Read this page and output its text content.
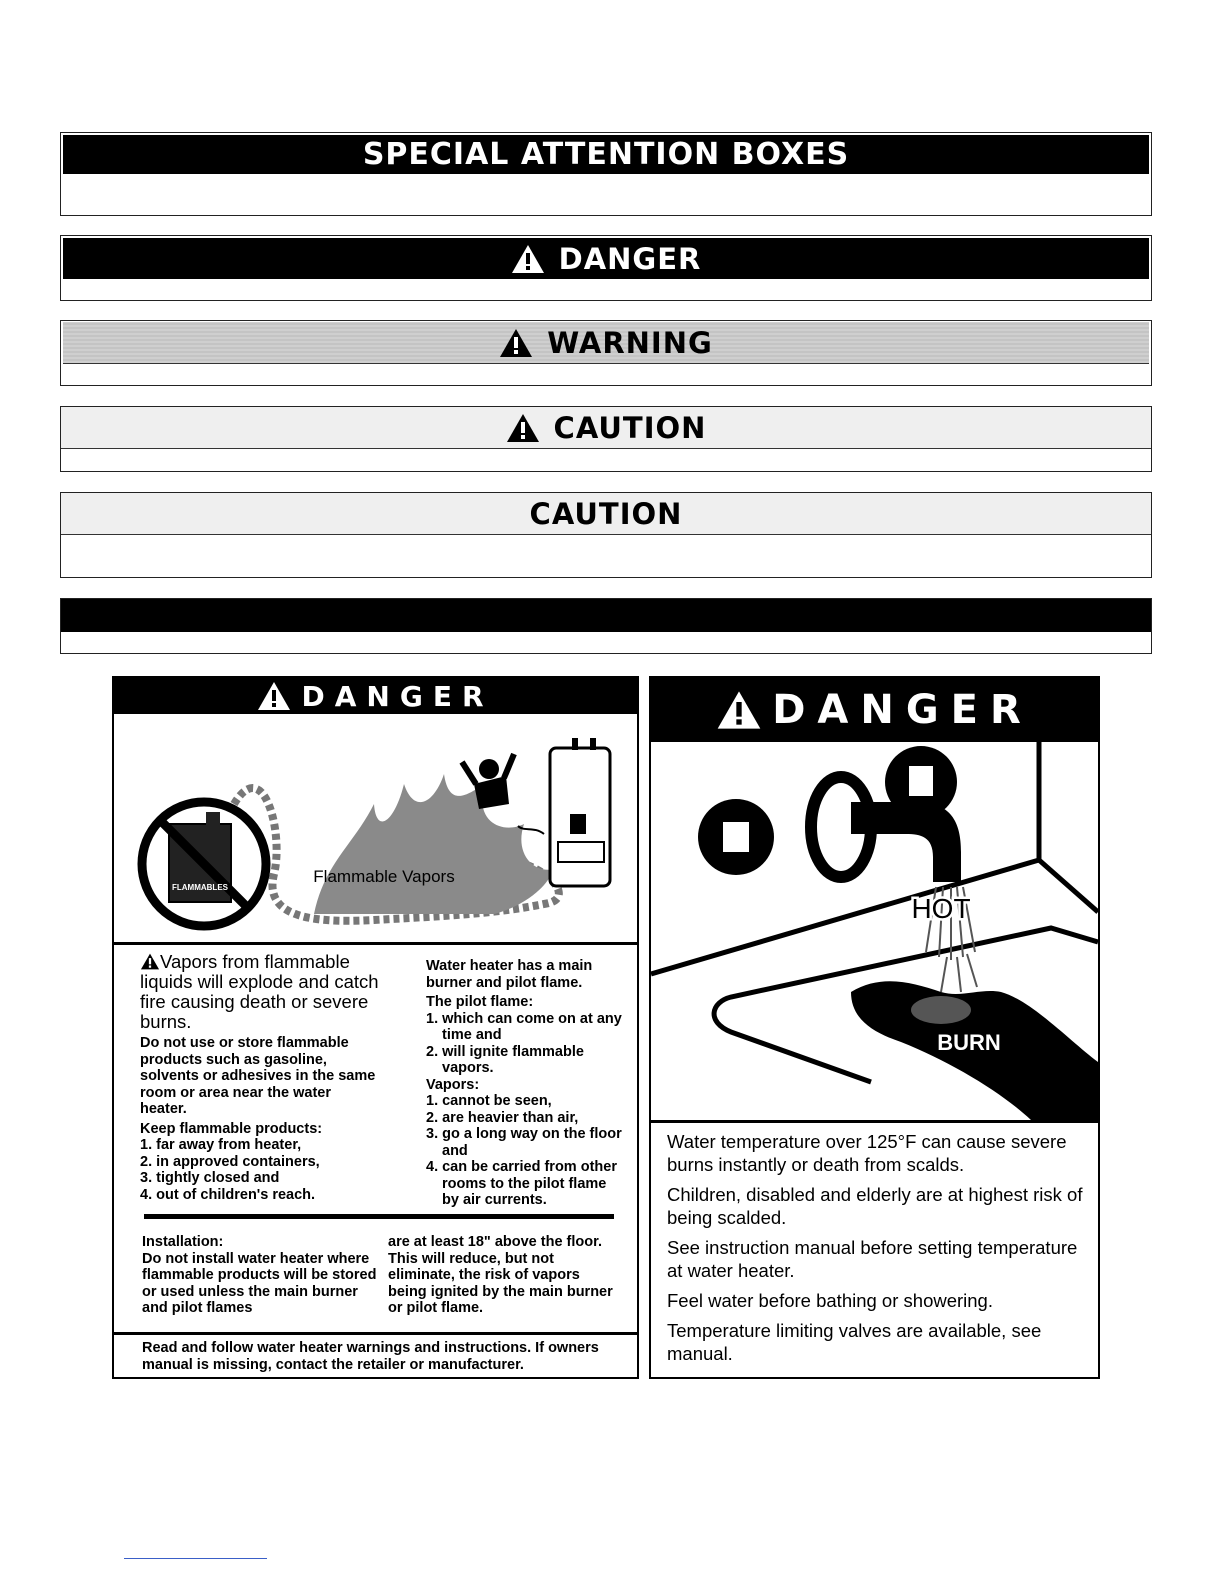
SPECIAL ATTENTION BOXES
DANGER
WARNING
CAUTION
CAUTION
DANGER
FLAMMABLES
Flammable Vapors

Vapors from flammable liquids will explode and catch fire causing death or severe burns.

Do not use or store flammable products such as gasoline, solvents or adhesives in the same room or area near the water heater.

Keep flammable products:

1. far away from heater,
2. in approved containers,
3. tightly closed and
4. out of children's reach.

Water heater has a main burner and pilot flame.

The pilot flame:

1. which can come on at any time and
2. will ignite flammable vapors.

Vapors:

1. cannot be seen,
2. are heavier than air,
3. go a long way on the floor and
4. can be carried from other rooms to the pilot flame by air currents.

Installation:

Do not install water heater where flammable products will be stored or used unless the main burner and pilot flames

are at least 18" above the floor. This will reduce, but not eliminate, the risk of vapors being ignited by the main burner or pilot flame.

Read and follow water heater warnings and instructions. If owners manual is missing, contact the retailer or manufacturer.

DANGER
HOT
BURN

Water temperature over 125°F can cause severe burns instantly or death from scalds.

Children, disabled and elderly are at highest risk of being scalded.

See instruction manual before setting temperature at water heater.

Feel water before bathing or showering.

Temperature limiting valves are available, see manual.
